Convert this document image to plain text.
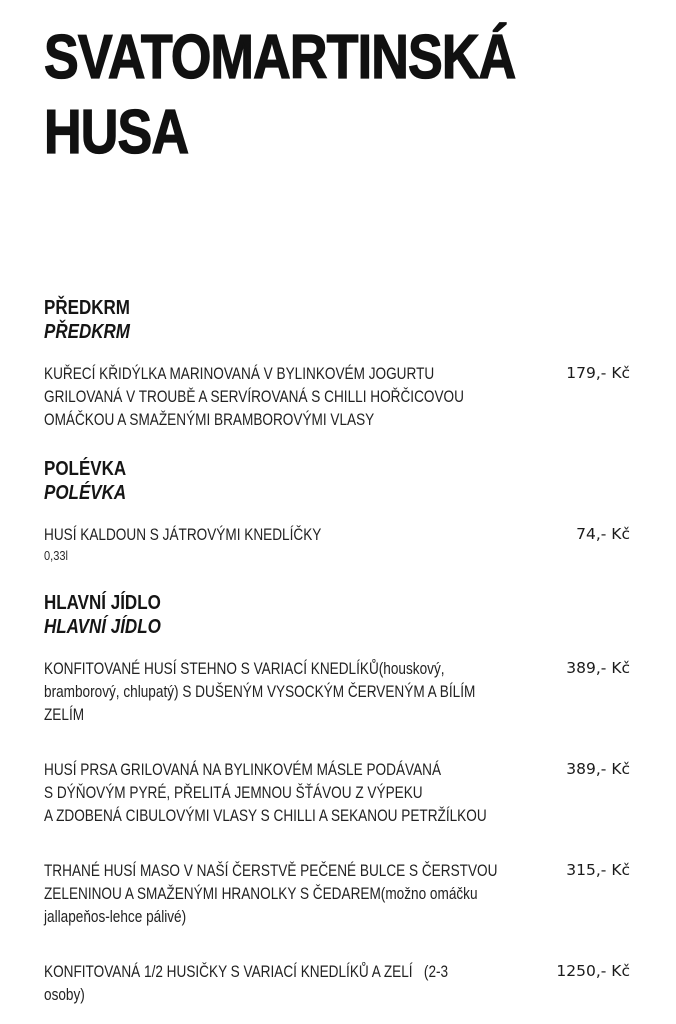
SVATOMARTINSKÁ
HUSA
PŘEDKRM
PŘEDKRM
KUŘECÍ KŘIDÝLKA MARINOVANÁ V BYLINKOVÉM JOGURTU
GRILOVANÁ V TROUBĚ A SERVÍROVANÁ S CHILLI HOŘČICOVOU
OMÁČKOU A SMAŽENÝMI BRAMBOROVÝMI VLASY
179,- Kč
POLÉVKA
POLÉVKA
HUSÍ KALDOUN S JÁTROVÝMI KNEDLÍČKY
0,33l
74,- Kč
HLAVNÍ JÍDLO
HLAVNÍ JÍDLO
KONFITOVANÉ HUSÍ STEHNO S VARIACÍ KNEDLÍKŮ(houskový,
bramborový, chlupatý) S DUŠENÝM VYSOCKÝM ČERVENÝM A BÍLÍM
ZELÍM
389,- Kč
HUSÍ PRSA GRILOVANÁ NA BYLINKOVÉM MÁSLE PODÁVANÁ
S DÝŇOVÝM PYRÉ, PŘELITÁ JEMNOU ŠŤÁVOU Z VÝPEKU
A ZDOBENÁ CIBULOVÝMI VLASY S CHILLI A SEKANOU PETRŽÍLKOU
389,- Kč
TRHANÉ HUSÍ MASO V NAŠÍ ČERSTVĚ PEČENÉ BULCE S ČERSTVOU
ZELENINOU A SMAŽENÝMI HRANOLKY S ČEDAREM(možno omáčku
jallapeňos-lehce pálivé)
315,- Kč
KONFITOVANÁ 1/2 HUSIČKY S VARIACÍ KNEDLÍKŮ A ZELÍ   (2-3
osoby)
1250,- Kč
